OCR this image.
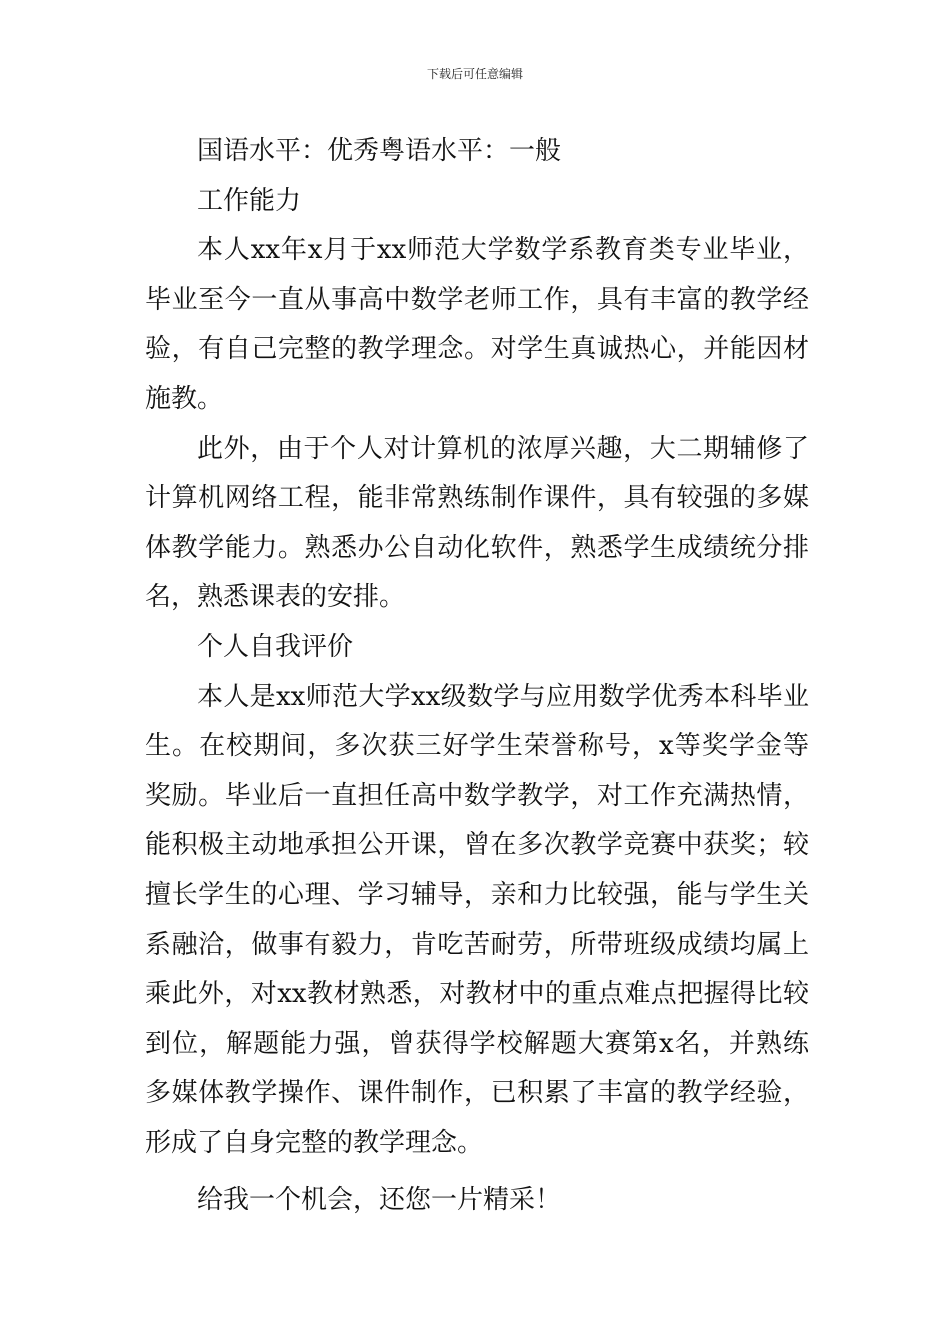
下载后可任意编辑

国语水平：优秀粤语水平：一般

工作能力

本人xx年x月于xx师范大学数学系教育类专业毕业，毕业至今一直从事高中数学老师工作，具有丰富的教学经验，有自己完整的教学理念。对学生真诚热心，并能因材施教。

此外，由于个人对计算机的浓厚兴趣，大二期辅修了计算机网络工程，能非常熟练制作课件，具有较强的多媒体教学能力。熟悉办公自动化软件，熟悉学生成绩统分排名，熟悉课表的安排。

个人自我评价

本人是xx师范大学xx级数学与应用数学优秀本科毕业生。在校期间，多次获三好学生荣誉称号，x等奖学金等奖励。毕业后一直担任高中数学教学，对工作充满热情，能积极主动地承担公开课，曾在多次教学竞赛中获奖；较擅长学生的心理、学习辅导，亲和力比较强，能与学生关系融洽，做事有毅力，肯吃苦耐劳，所带班级成绩均属上乘此外，对xx教材熟悉，对教材中的重点难点把握得比较到位，解题能力强，曾获得学校解题大赛第x名，并熟练多媒体教学操作、课件制作，已积累了丰富的教学经验，形成了自身完整的教学理念。

给我一个机会，还您一片精采！
